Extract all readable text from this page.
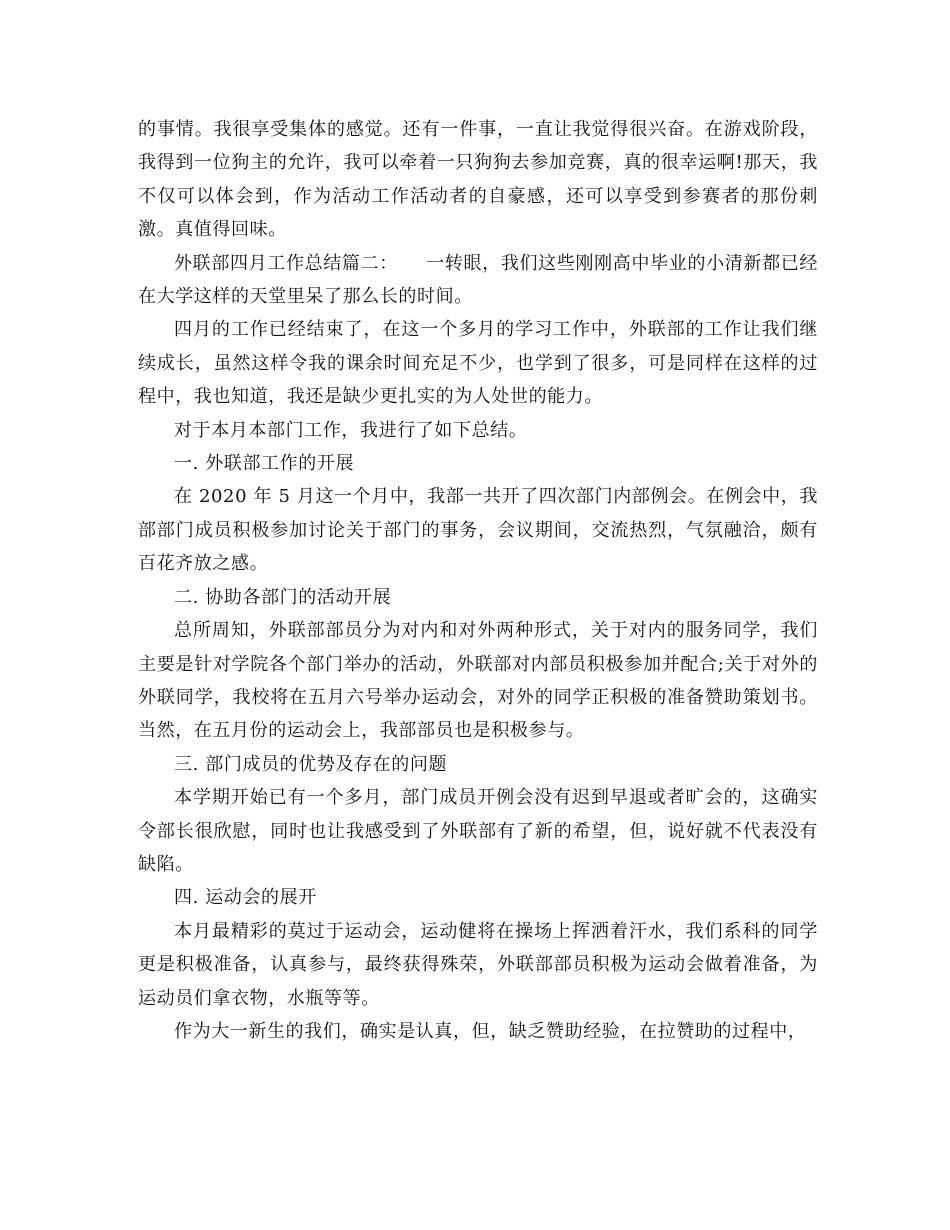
的事情。我很享受集体的感觉。还有一件事，一直让我觉得很兴奋。在游戏阶段，我得到一位狗主的允许，我可以牵着一只狗狗去参加竞赛，真的很幸运啊!那天，我不仅可以体会到，作为活动工作活动者的自豪感，还可以享受到参赛者的那份刺激。真值得回味。

外联部四月工作总结篇二：　　一转眼，我们这些刚刚高中毕业的小清新都已经在大学这样的天堂里呆了那么长的时间。

四月的工作已经结束了，在这一个多月的学习工作中，外联部的工作让我们继续成长，虽然这样令我的课余时间充足不少，也学到了很多，可是同样在这样的过程中，我也知道，我还是缺少更扎实的为人处世的能力。

对于本月本部门工作，我进行了如下总结。

一. 外联部工作的开展

在 2020 年 5 月这一个月中，我部一共开了四次部门内部例会。在例会中，我部部门成员积极参加讨论关于部门的事务，会议期间，交流热烈，气氛融洽，颇有百花齐放之感。

二. 协助各部门的活动开展

总所周知，外联部部员分为对内和对外两种形式，关于对内的服务同学，我们主要是针对学院各个部门举办的活动，外联部对内部员积极参加并配合;关于对外的外联同学，我校将在五月六号举办运动会，对外的同学正积极的准备赞助策划书。当然，在五月份的运动会上，我部部员也是积极参与。

三. 部门成员的优势及存在的问题

本学期开始已有一个多月，部门成员开例会没有迟到早退或者旷会的，这确实令部长很欣慰，同时也让我感受到了外联部有了新的希望，但，说好就不代表没有缺陷。

四. 运动会的展开

本月最精彩的莫过于运动会，运动健将在操场上挥洒着汗水，我们系科的同学更是积极准备，认真参与，最终获得殊荣，外联部部员积极为运动会做着准备，为运动员们拿衣物，水瓶等等。

作为大一新生的我们，确实是认真，但，缺乏赞助经验，在拉赞助的过程中，
